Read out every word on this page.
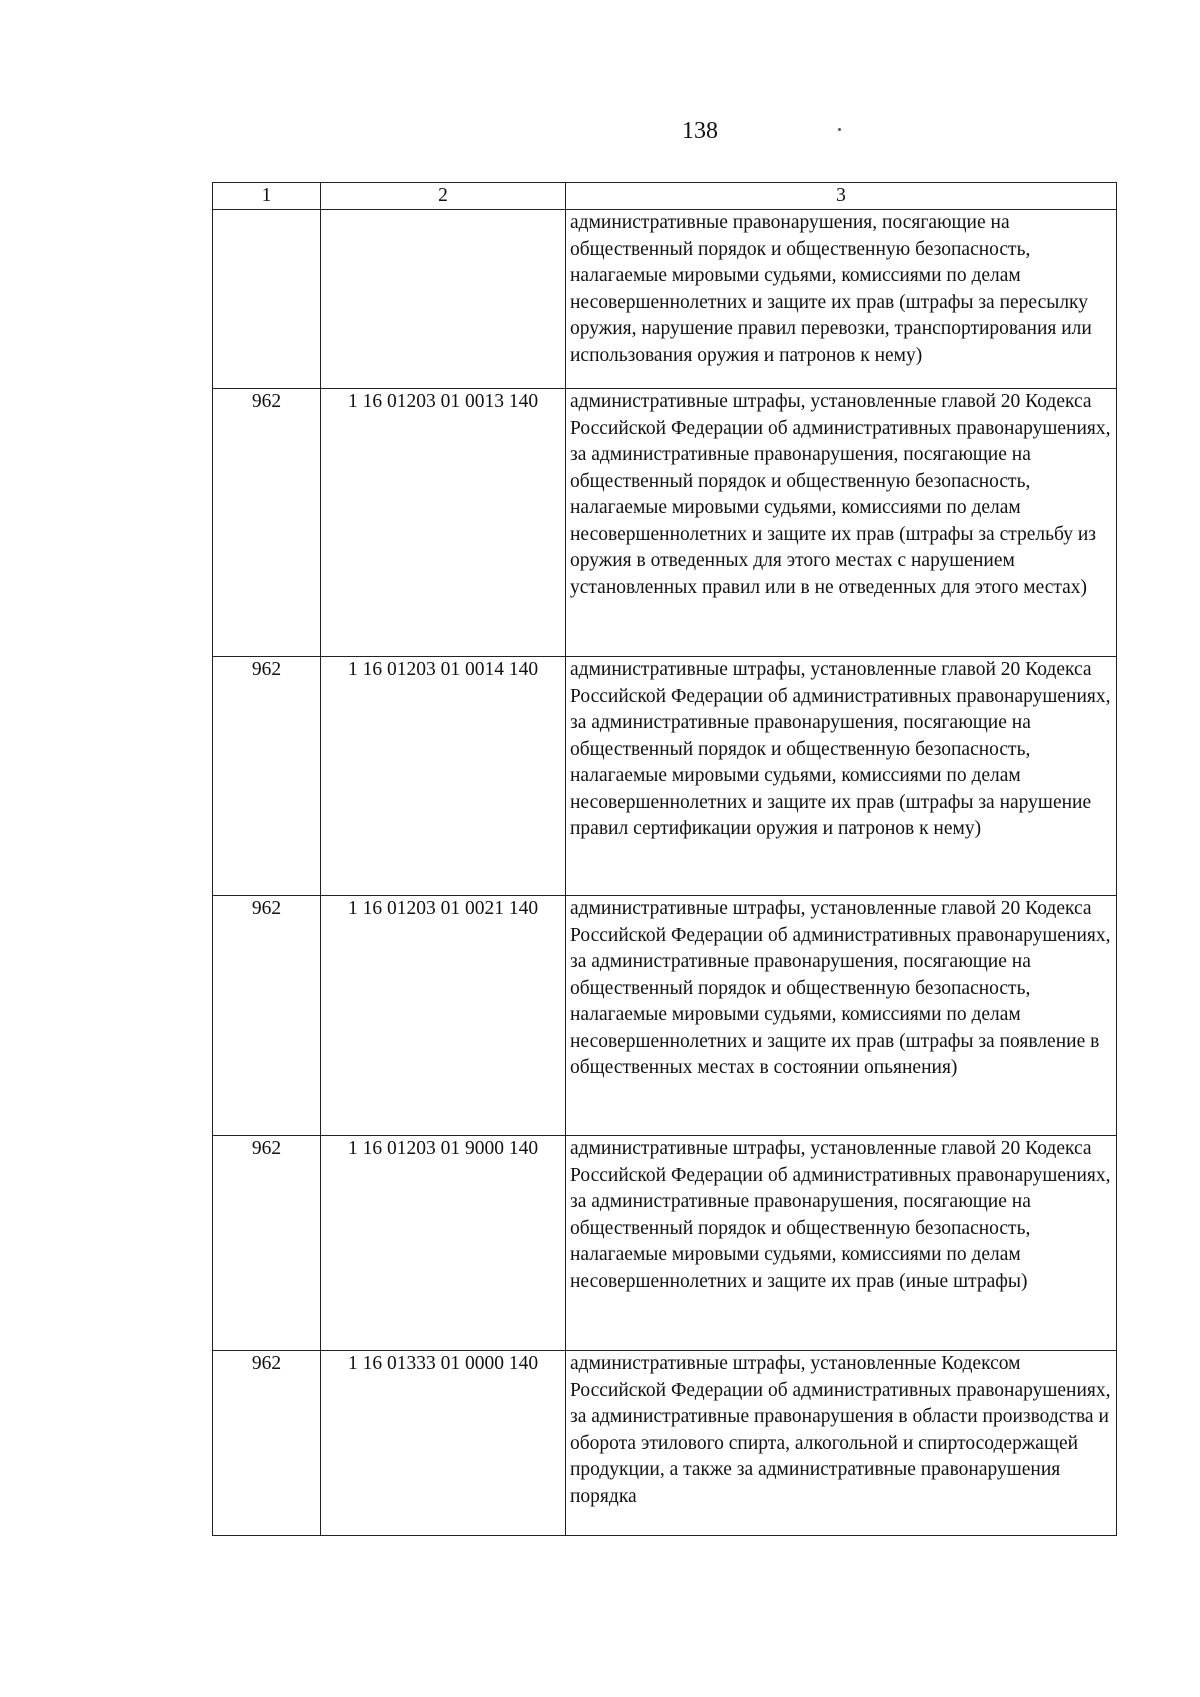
138
1	2	3
		административные правонарушения, посягающие на общественный порядок и общественную безопасность, налагаемые мировыми судьями, комиссиями по делам несовершеннолетних и защите их прав (штрафы за пересылку оружия, нарушение правил перевозки, транспортирования или использования оружия и патронов к нему)
962	1 16 01203 01 0013 140	административные штрафы, установленные главой 20 Кодекса Российской Федерации об административных правонарушениях, за административные правонарушения, посягающие на общественный порядок и общественную безопасность, налагаемые мировыми судьями, комиссиями по делам несовершеннолетних и защите их прав (штрафы за стрельбу из оружия в отведенных для этого местах с нарушением установленных правил или в не отведенных для этого местах)
962	1 16 01203 01 0014 140	административные штрафы, установленные главой 20 Кодекса Российской Федерации об административных правонарушениях, за административные правонарушения, посягающие на общественный порядок и общественную безопасность, налагаемые мировыми судьями, комиссиями по делам несовершеннолетних и защите их прав (штрафы за нарушение правил сертификации оружия и патронов к нему)
962	1 16 01203 01 0021 140	административные штрафы, установленные главой 20 Кодекса Российской Федерации об административных правонарушениях, за административные правонарушения, посягающие на общественный порядок и общественную безопасность, налагаемые мировыми судьями, комиссиями по делам несовершеннолетних и защите их прав (штрафы за появление в общественных местах в состоянии опьянения)
962	1 16 01203 01 9000 140	административные штрафы, установленные главой 20 Кодекса Российской Федерации об административных правонарушениях, за административные правонарушения, посягающие на общественный порядок и общественную безопасность, налагаемые мировыми судьями, комиссиями по делам несовершеннолетних и защите их прав (иные штрафы)
962	1 16 01333 01 0000 140	административные штрафы, установленные Кодексом Российской Федерации об административных правонарушениях, за административные правонарушения в области производства и оборота этилового спирта, алкогольной и спиртосодержащей продукции, а также за административные правонарушения порядка
